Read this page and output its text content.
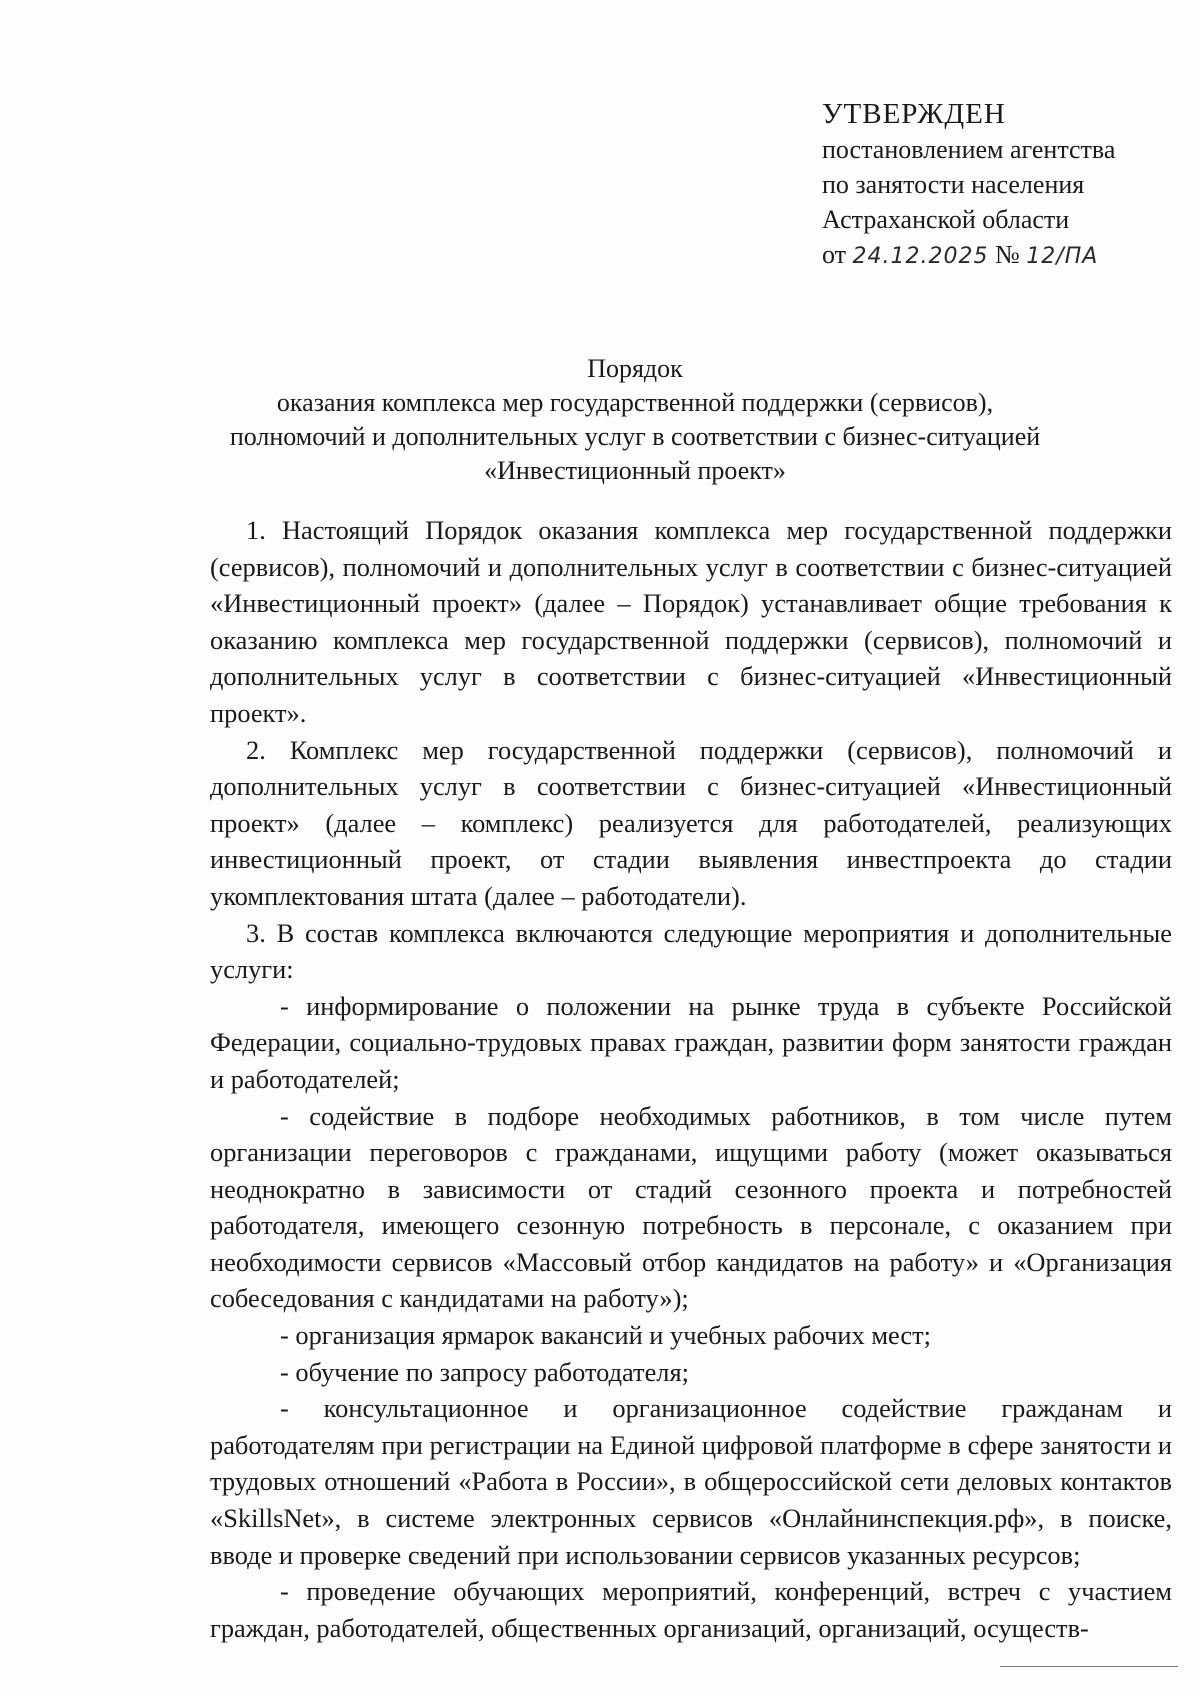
УТВЕРЖДЕН
постановлением агентства
по занятости населения
Астраханской области
от 24.12.2025 № 12/ПА
Порядок
оказания комплекса мер государственной поддержки (сервисов),
полномочий и дополнительных услуг в соответствии с бизнес-ситуацией
«Инвестиционный проект»

1. Настоящий Порядок оказания комплекса мер государственной поддержки (сервисов), полномочий и дополнительных услуг в соответствии с бизнес-ситуацией «Инвестиционный проект» (далее – Порядок) устанавливает общие требования к оказанию комплекса мер государственной поддержки (сервисов), полномочий и дополнительных услуг в соответствии с бизнес-ситуацией «Инвестиционный проект».

2. Комплекс мер государственной поддержки (сервисов), полномочий и дополнительных услуг в соответствии с бизнес-ситуацией «Инвестиционный проект» (далее – комплекс) реализуется для работодателей, реализующих инвестиционный проект, от стадии выявления инвестпроекта до стадии укомплектования штата (далее – работодатели).

3. В состав комплекса включаются следующие мероприятия и дополнительные услуги:

- информирование о положении на рынке труда в субъекте Российской Федерации, социально-трудовых правах граждан, развитии форм занятости граждан и работодателей;

- содействие в подборе необходимых работников, в том числе путем организации переговоров с гражданами, ищущими работу (может оказываться неоднократно в зависимости от стадий сезонного проекта и потребностей работодателя, имеющего сезонную потребность в персонале, с оказанием при необходимости сервисов «Массовый отбор кандидатов на работу» и «Организация собеседования с кандидатами на работу»);

- организация ярмарок вакансий и учебных рабочих мест;

- обучение по запросу работодателя;

- консультационное и организационное содействие гражданам и работодателям при регистрации на Единой цифровой платформе в сфере занятости и трудовых отношений «Работа в России», в общероссийской сети деловых контактов «SkillsNet», в системе электронных сервисов «Онлайнинспекция.рф», в поиске, вводе и проверке сведений при использовании сервисов указанных ресурсов;

- проведение обучающих мероприятий, конференций, встреч с участием граждан, работодателей, общественных организаций, организаций, осуществ-
